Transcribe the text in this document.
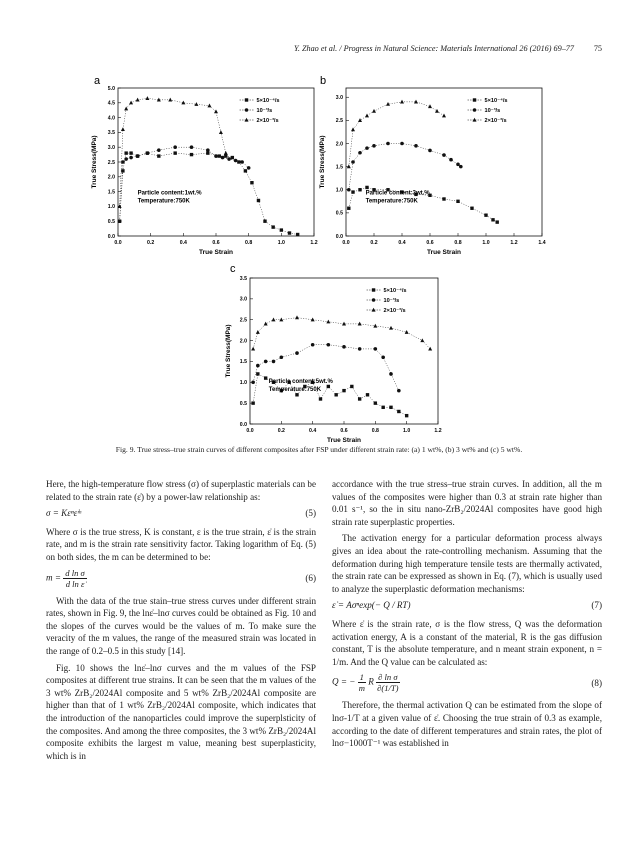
Y. Zhao et al. / Progress in Natural Science: Materials International 26 (2016) 69–77 75
a
0.0	0.2	0.4	0.6	0.8	1.0	1.2
0.0
0.5
1.0
1.5
2.0
2.5
3.0
3.5
4.0
4.5
5.0
True Strain
True Stress(MPa)
5×10⁻⁴/s
10⁻³/s
2×10⁻³/s
Particle content:1wt.%
Temperature:750K
b
0.0	0.2	0.4	0.6	0.8	1.0	1.2	1.4
0.0
0.5
1.0
1.5
2.0
2.5
3.0
True Strain
True Stress(MPa)
5×10⁻⁴/s
10⁻³/s
2×10⁻³/s
Particle content:3wt.%
Temperature:750K
c
0.0	0.2	0.4	0.6	0.8	1.0	1.2
0.0
0.5
1.0
1.5
2.0
2.5
3.0
3.5
True Strain
True Stress(MPa)
5×10⁻⁴/s
10⁻³/s
2×10⁻³/s
Particle content:5wt.%
Temperature:750K
Fig. 9. True stress–true strain curves of different composites after FSP under different strain rate: (a) 1 wt%, (b) 3 wt% and (c) 5 wt%.

Here, the high-temperature flow stress (σ) of superplastic materials can be related to the strain rate (ε̇) by a power-law relationship as:

σ = Kεⁿε̇ᵐ	(5)

Where σ is the true stress, K is constant, ε is the true strain, ε̇ is the strain rate, and m is the strain rate sensitivity factor. Taking logarithm of Eq. (5) on both sides, the m can be determined to be:

$m = \frac{\text{d ln σ}}{\text{d ln ε̇}}$	(6)

With the data of the true stain–true stress curves under different strain rates, shown in Fig. 9, the lnε̇–lnσ curves could be obtained as Fig. 10 and the slopes of the curves would be the values of m. To make sure the veracity of the m values, the range of the measured strain was located in the range of 0.2–0.5 in this study [14].

Fig. 10 shows the lnε̇–lnσ curves and the m values of the FSP composites at different true strains. It can be seen that the m values of the 3 wt% ZrB₂/2024Al composite and 5 wt% ZrB₂/2024Al composite are higher than that of 1 wt% ZrB₂/2024Al composite, which indicates that the introduction of the nanoparticles could improve the superplsticity of the composites. And among the three composites, the 3 wt% ZrB₂/2024Al composite exhibits the largest m value, meaning best superplasticity, which is in

accordance with the true stress–true strain curves. In addition, all the m values of the composites were higher than 0.3 at strain rate higher than 0.01 s⁻¹, so the in situ nano-ZrB₂/2024Al composites have good high strain rate superplastic properties.

The activation energy for a particular deformation process always gives an idea about the rate-controlling mechanism. Assuming that the deformation during high temperature tensile tests are thermally activated, the strain rate can be expressed as shown in Eq. (7), which is usually used to analyze the superplastic deformation mechanisms:

ε̇ = Aσⁿexp(− Q / RT)	(7)

Where ε̇ is the strain rate, σ is the flow stress, Q was the deformation activation energy, A is a constant of the material, R is the gas diffusion constant, T is the absolute temperature, and n meant strain exponent, n = 1/m. And the Q value can be calculated as:

Q = − $\frac{1}{m}$ R $\frac{\text{∂ ln σ}}{\partial(1/T)}$	(8)

Therefore, the thermal activation Q can be estimated from the slope of lnσ-1/T at a given value of ε̇. Choosing the true strain of 0.3 as example, according to the date of different temperatures and strain rates, the plot of lnσ−1000T⁻¹ was established in
